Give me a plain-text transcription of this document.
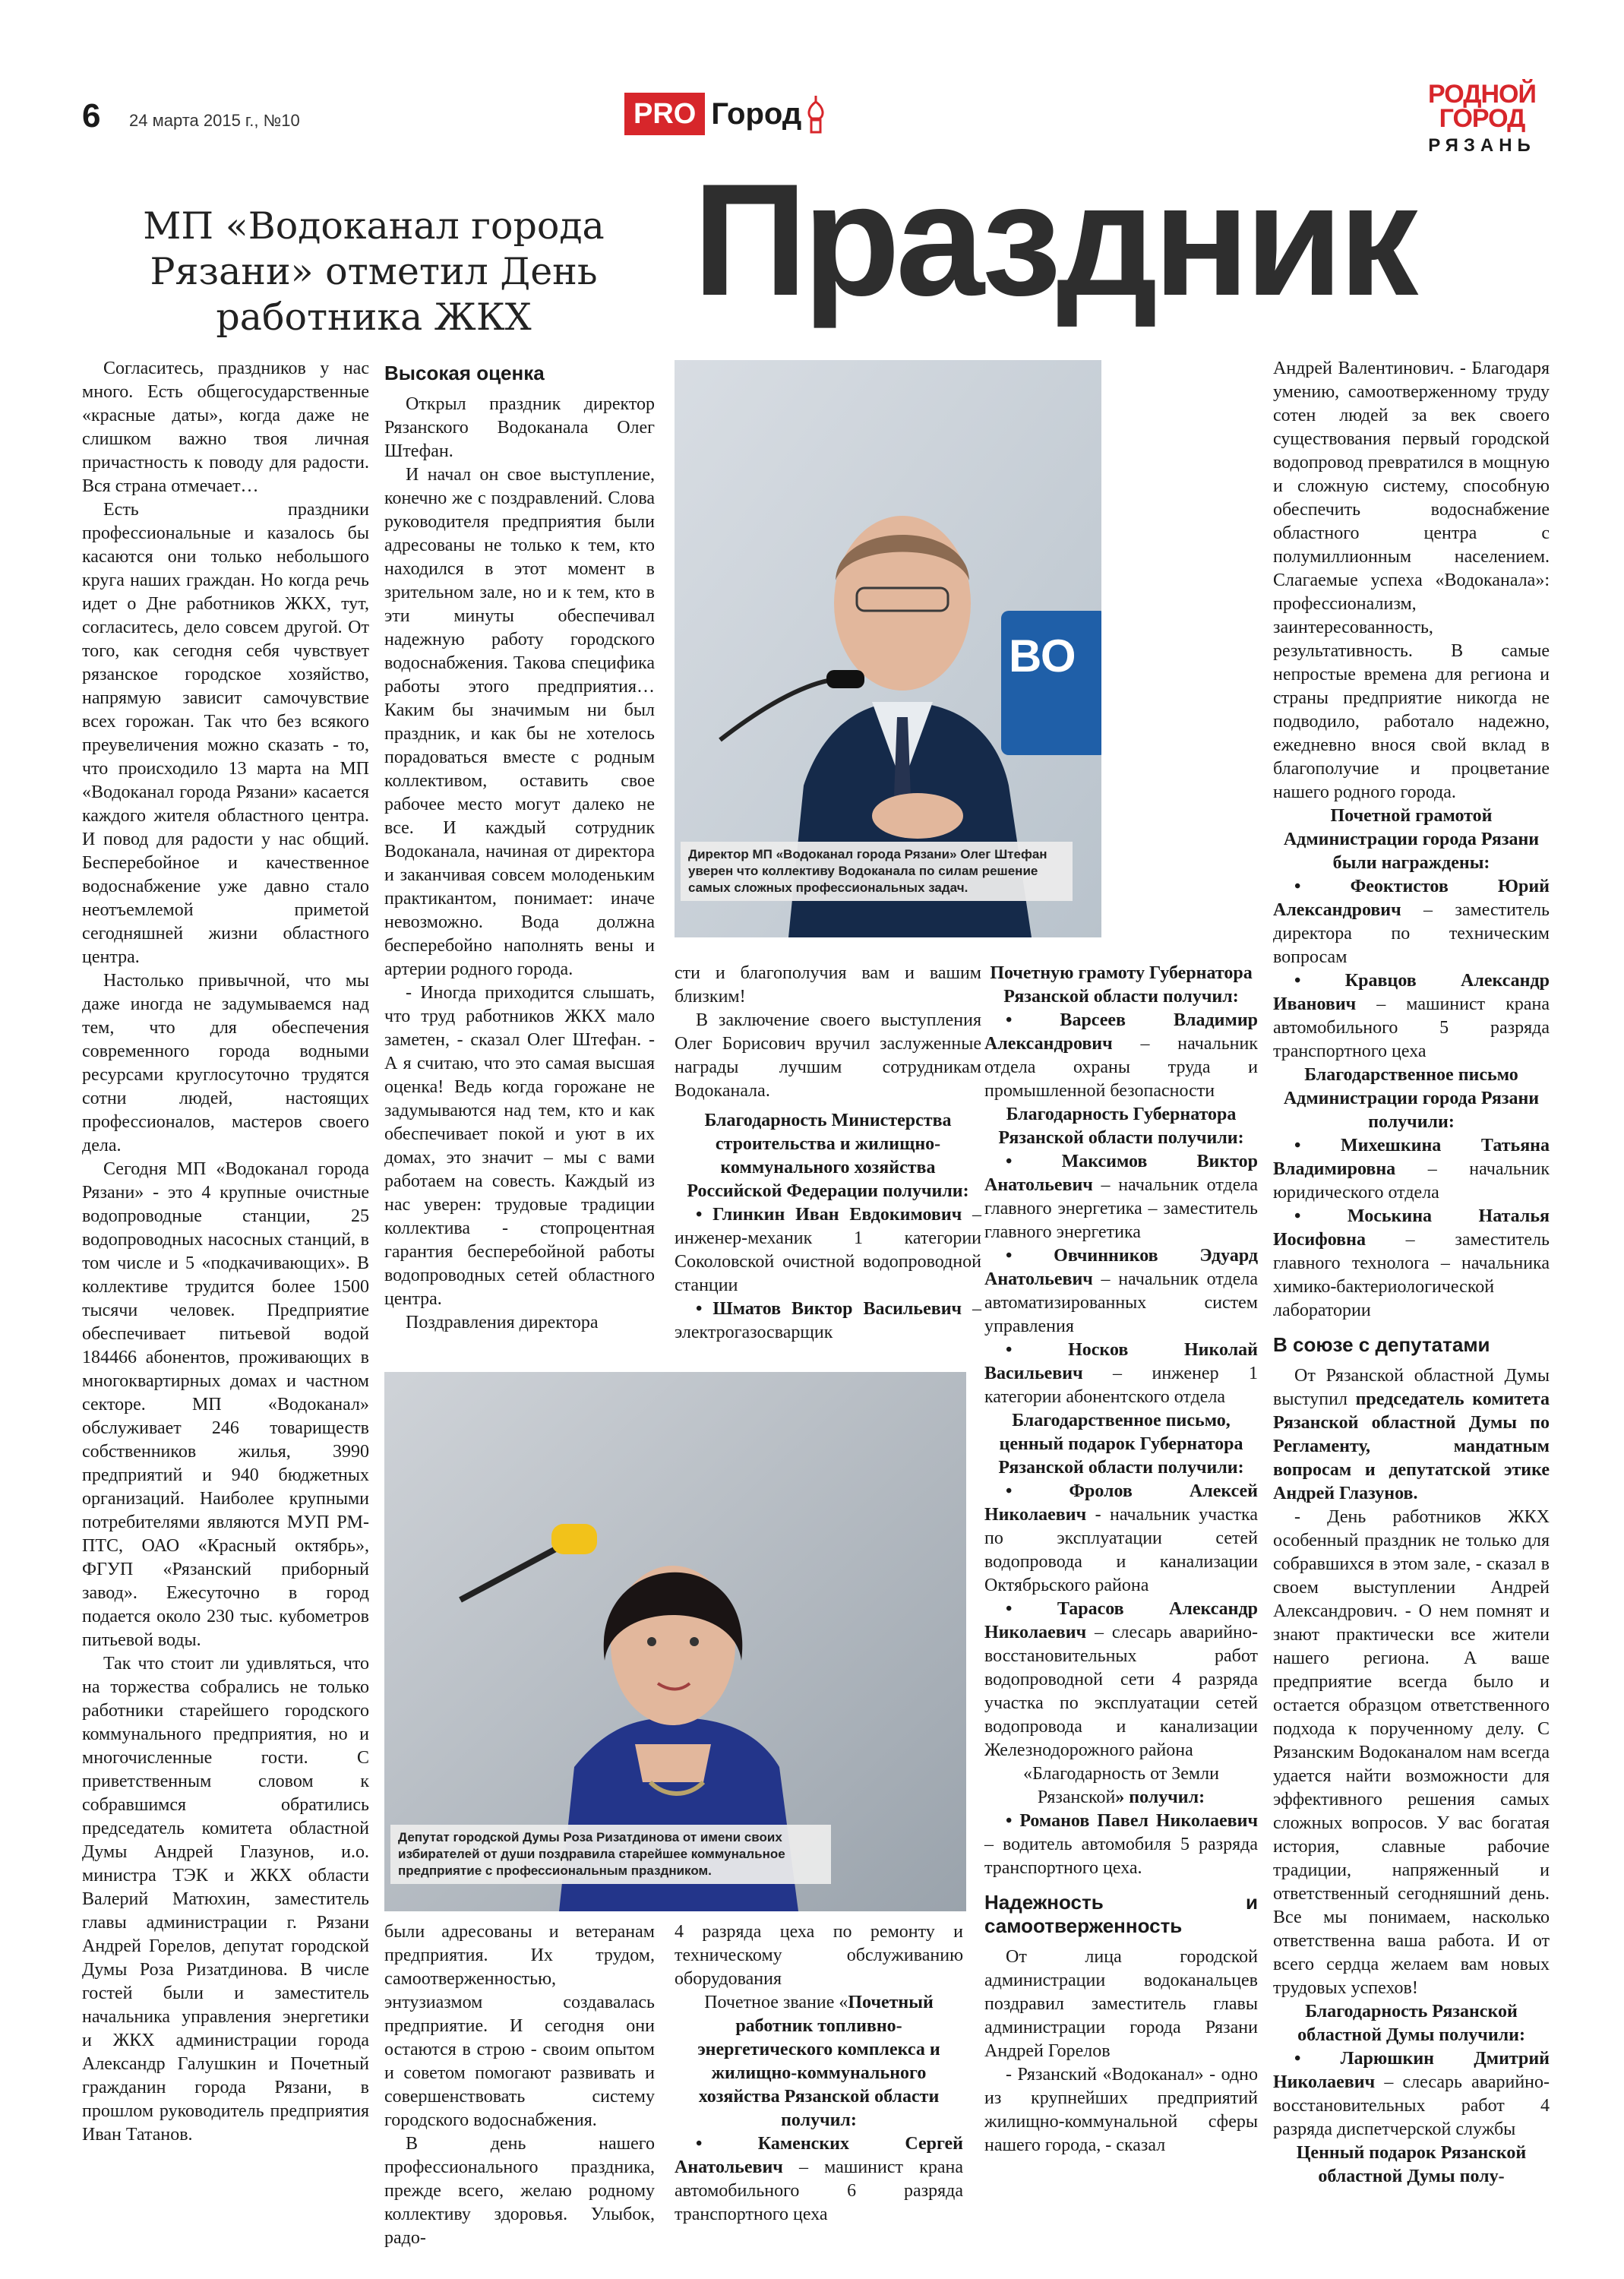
6 24 марта 2015 г., №10	PRO Город
РОДНОЙ
ГОРОД
РЯЗАНЬ
МП «Водоканал города Рязани» отметил День работника ЖКХ	Праздник

Согласитесь, праздников у нас много. Есть общегосударственные «красные даты», когда даже не слишком важно твоя личная причастность к поводу для радости. Вся страна отмечает…

Есть праздники профессиональные и казалось бы касаются они только небольшого круга наших граждан. Но когда речь идет о Дне работников ЖКХ, тут, согласитесь, дело совсем другой. От того, как сегодня себя чувствует рязанское городское хозяйство, напрямую зависит самочувствие всех горожан. Так что без всякого преувеличения можно сказать - то, что происходило 13 марта на МП «Водоканал города Рязани» касается каждого жителя областного центра. И повод для радости у нас общий. Бесперебойное и качественное водоснабжение уже давно стало неотъемлемой приметой сегодняшней жизни областного центра.

Настолько привычной, что мы даже иногда не задумываемся над тем, что для обеспечения современного города водными ресурсами круглосуточно трудятся сотни людей, настоящих профессионалов, мастеров своего дела.

Сегодня МП «Водоканал города Рязани» - это 4 крупные очистные водопроводные станции, 25 водопроводных насосных станций, в том числе и 5 «подкачивающих». В коллективе трудится более 1500 тысячи человек. Предприятие обеспечивает питьевой водой 184466 абонентов, проживающих в многоквартирных домах и частном секторе. МП «Водоканал» обслуживает 246 товариществ собственников жилья, 3990 предприятий и 940 бюджетных организаций. Наиболее крупными потребителями являются МУП РМ-ПТС, ОАО «Красный октябрь», ФГУП «Рязанский приборный завод». Ежесуточно в город подается около 230 тыс. кубометров питьевой воды.

Так что стоит ли удивляться, что на торжества собрались не только работники старейшего городского коммунального предприятия, но и многочисленные гости. С приветственным словом к собравшимся обратились председатель комитета областной Думы Андрей Глазунов, и.о. министра ТЭК и ЖКХ области Валерий Матюхин, заместитель главы администрации г. Рязани Андрей Горелов, депутат городской Думы Роза Ризатдинова. В числе гостей были и заместитель начальника управления энергетики и ЖКХ администрации города Александр Галушкин и Почетный гражданин города Рязани, в прошлом руководитель предприятия Иван Татанов.

Высокая оценка

Открыл праздник директор Рязанского Водоканала Олег Штефан.

И начал он свое выступление, конечно же с поздравлений. Слова руководителя предприятия были адресованы не только к тем, кто находился в этот момент в зрительном зале, но и к тем, кто в эти минуты обеспечивал надежную работу городского водоснабжения. Такова специфика работы этого предприятия… Каким бы значимым ни был праздник, и как бы не хотелось порадоваться вместе с родным коллективом, оставить свое рабочее место могут далеко не все. И каждый сотрудник Водоканала, начиная от директора и заканчивая совсем молоденьким практикантом, понимает: иначе невозможно. Вода должна бесперебойно наполнять вены и артерии родного города.

- Иногда приходится слышать, что труд работников ЖКХ мало заметен, - сказал Олег Штефан. - А я считаю, что это самая высшая оценка! Ведь когда горожане не задумываются над тем, кто и как обеспечивает покой и уют в их домах, это значит – мы с вами работаем на совесть. Каждый из нас уверен: трудовые традиции коллектива - стопроцентная гарантия бесперебойной работы водопроводных сетей областного центра.

Поздравления директора

ВО
Директор МП «Водоканал города Рязани» Олег Штефан уверен что коллективу Водоканала по силам решение самых сложных профессиональных задач.

сти и благополучия вам и вашим близким!

В заключение своего выступления Олег Борисович вручил заслуженные награды лучшим сотрудникам Водоканала.

Благодарность Министерства строительства и жилищно-коммунального хозяйства Российской Федерации получили:

• Глинкин Иван Евдокимович – инженер-механик 1 категории Соколовской очистной водопроводной станции

• Шматов Виктор Васильевич – электрогазосварщик

Депутат городской Думы Роза Ризатдинова от имени своих избирателей от души поздравила старейшее коммунальное предприятие с профессиональным праздником.

были адресованы и ветеранам предприятия. Их трудом, самоотверженностью, энтузиазмом создавалась предприятие. И сегодня они остаются в строю - своим опытом и советом помогают развивать и совершенствовать систему городского водоснабжения.

В день нашего профессионального праздника, прежде всего, желаю родному коллективу здоровья. Улыбок, радо-

4 разряда цеха по ремонту и техническому обслуживанию оборудования

Почетное звание «Почетный работник топливно-энергетического комплекса и жилищно-коммунального хозяйства Рязанской области получил:

• Каменских Сергей Анатольевич – машинист крана автомобильного 6 разряда транспортного цеха

Почетную грамоту Губернатора Рязанской области получил:

• Варсеев Владимир Александрович – начальник отдела охраны труда и промышленной безопасности

Благодарность Губернатора Рязанской области получили:

• Максимов Виктор Анатольевич – начальник отдела главного энергетика – заместитель главного энергетика

• Овчинников Эдуард Анатольевич – начальник отдела автоматизированных систем управления

• Носков Николай Васильевич – инженер 1 категории абонентского отдела

Благодарственное письмо, ценный подарок Губернатора Рязанской области получили:

• Фролов Алексей Николаевич - начальник участка по эксплуатации сетей водопровода и канализации Октябрьского района

• Тарасов Александр Николаевич – слесарь аварийно-восстановительных работ водопроводной сети 4 разряда участка по эксплуатации сетей водопровода и канализации Железнодорожного района

«Благодарность от Земли Рязанской» получил:

• Романов Павел Николаевич – водитель автомобиля 5 разряда транспортного цеха.

Надежность и самоотверженность

От лица городской администрации водоканальцев поздравил заместитель главы администрации города Рязани Андрей Горелов

- Рязанский «Водоканал» - одно из крупнейших предприятий жилищно-коммунальной сферы нашего города, - сказал

Андрей Валентинович. - Благодаря умению, самоотверженному труду сотен людей за век своего существования первый городской водопровод превратился в мощную и сложную систему, способную обеспечить водоснабжение областного центра с полумиллионным населением. Слагаемые успеха «Водоканала»: профессионализм, заинтересованность, результативность. В самые непростые времена для региона и страны предприятие никогда не подводило, работало надежно, ежедневно внося свой вклад в благополучие и процветание нашего родного города.

Почетной грамотой Администрации города Рязани были награждены:

• Феоктистов Юрий Александрович – заместитель директора по техническим вопросам

• Кравцов Александр Иванович – машинист крана автомобильного 5 разряда транспортного цеха

Благодарственное письмо Администрации города Рязани получили:

• Михешкина Татьяна Владимировна – начальник юридического отдела

• Моськина Наталья Иосифовна – заместитель главного технолога – начальника химико-бактериологической лаборатории

В союзе с депутатами

От Рязанской областной Думы выступил председатель комитета Рязанской областной Думы по Регламенту, мандатным вопросам и депутатской этике Андрей Глазунов.

- День работников ЖКХ особенный праздник не только для собравшихся в этом зале, - сказал в своем выступлении Андрей Александрович. - О нем помнят и знают практически все жители нашего региона. А ваше предприятие всегда было и остается образцом ответственного подхода к порученному делу. С Рязанским Водоканалом нам всегда удается найти возможности для эффективного решения самых сложных вопросов. У вас богатая история, славные рабочие традиции, напряженный и ответственный сегодняшний день. Все мы понимаем, насколько ответственна ваша работа. И от всего сердца желаем вам новых трудовых успехов!

Благодарность Рязанской областной Думы получили:

• Ларюшкин Дмитрий Николаевич – слесарь аварийно-восстановительных работ 4 разряда диспетчерской службы

Ценный подарок Рязанской областной Думы полу-
